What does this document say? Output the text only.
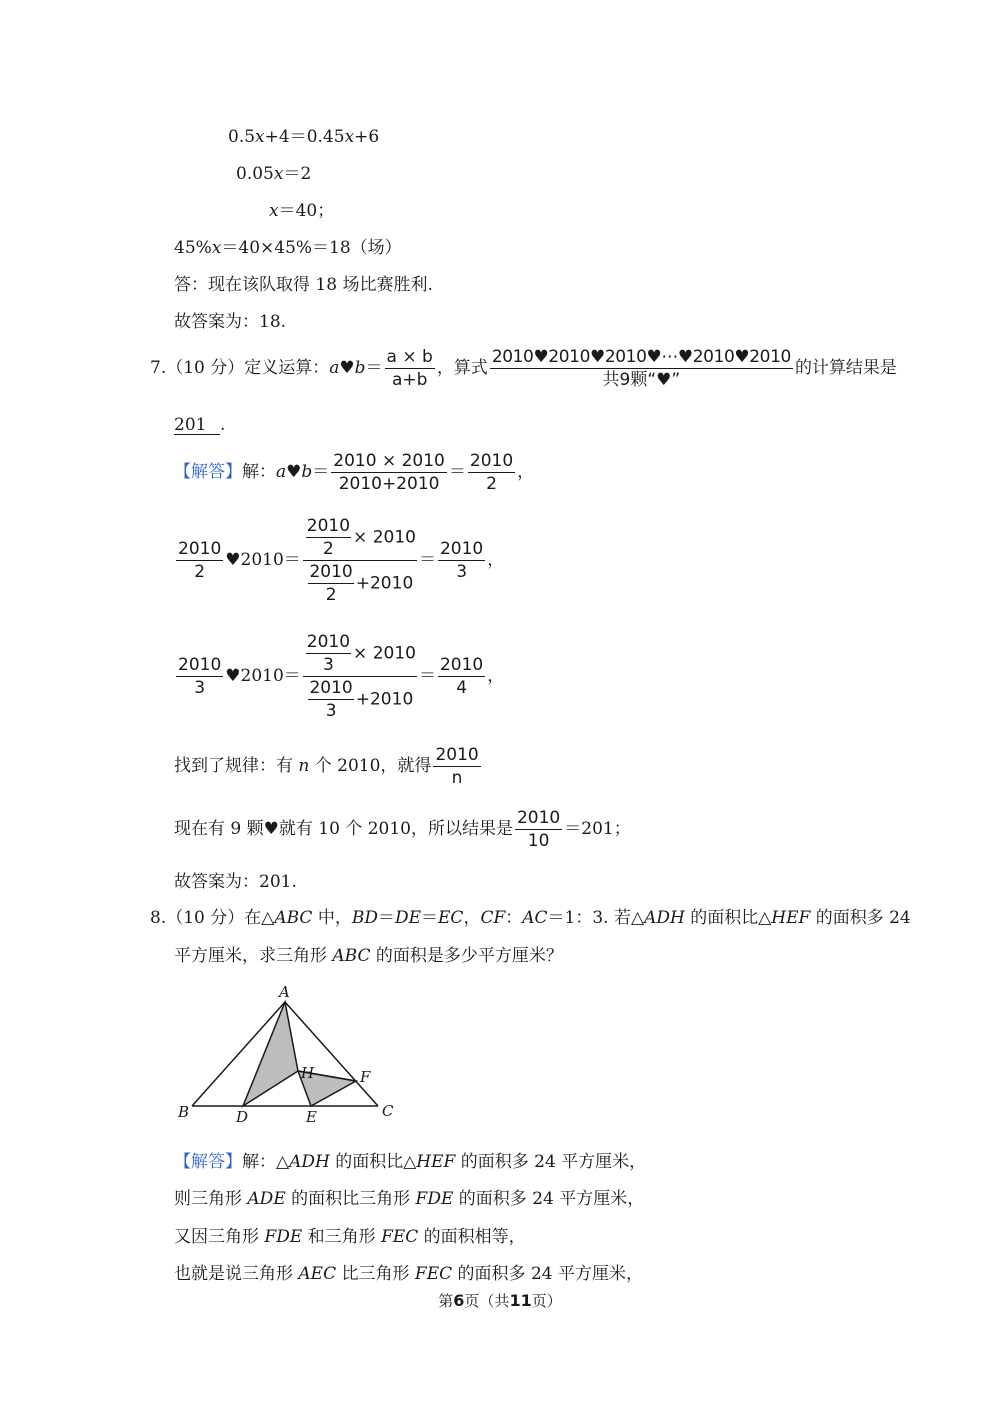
0.5x+4＝0.45x+6
0.05x＝2
x＝40；
45%x＝40×45%＝18（场）
答：现在该队取得 18 场比赛胜利.
故答案为：18.
7.（10 分）定义运算：a♥b＝ $\frac{a \times b}{a+b}$ ，算式 $\frac{2010♥2010♥2010♥\cdots♥2010♥2010}{\text{共9颗“♥”}}$ 的计算结果是
201 .
【解答】解：a♥b＝ $\frac{2010 \times 2010}{2010+2010} = \frac{2010}{2}$ ，
$\frac{2010}{2}$ ♥2010＝ $\frac{\frac{2010}{2} \times 2010}{\frac{2010}{2} +2010} = \frac{2010}{3}$ ，
$\frac{2010}{3}$ ♥2010＝ $\frac{\frac{2010}{3} \times 2010}{\frac{2010}{3} +2010} = \frac{2010}{4}$ ，
找到了规律：有 n 个 2010，就得 $\frac{2010}{n}$
现在有 9 颗♥就有 10 个 2010，所以结果是 $\frac{2010}{10} =201$；
故答案为：201.
8.（10 分）在△ABC 中，BD＝DE＝EC，CF：AC＝1：3. 若△ADH 的面积比△HEF 的面积多 24
平方厘米，求三角形 ABC 的面积是多少平方厘米？
A
B	C
D	E
F
H
【解答】解：△ADH 的面积比△HEF 的面积多 24 平方厘米，
则三角形 ADE 的面积比三角形 FDE 的面积多 24 平方厘米，
又因三角形 FDE 和三角形 FEC 的面积相等，
也就是说三角形 AEC 比三角形 FEC 的面积多 24 平方厘米，
第6页（共11页）
